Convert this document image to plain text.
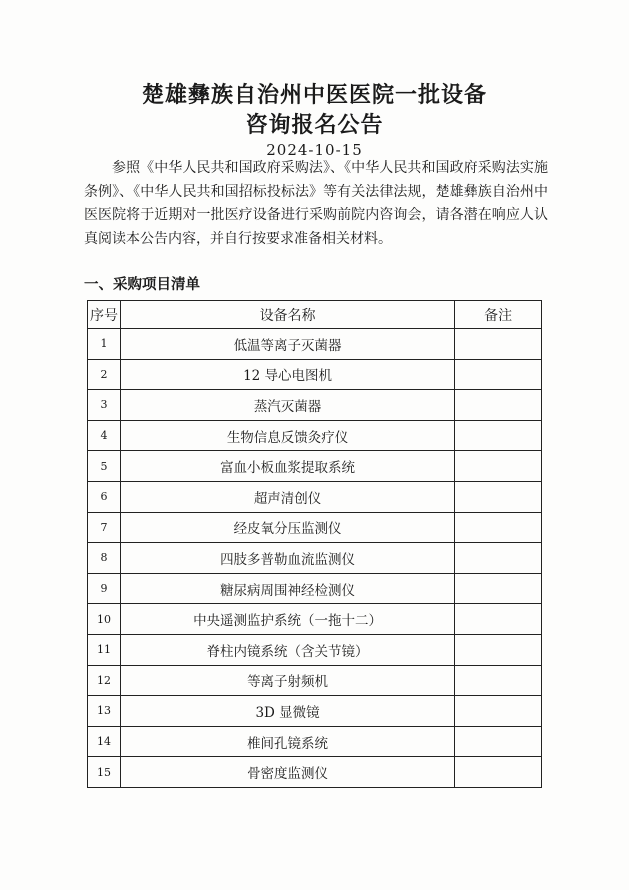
楚雄彝族自治州中医医院一批设备
咨询报名公告
2024-10-15
参照《中华人民共和国政府采购法》、《中华人民共和国政府采购法实施条例》、《中华人民共和国招标投标法》等有关法律法规，楚雄彝族自治州中医医院将于近期对一批医疗设备进行采购前院内咨询会，请各潜在响应人认真阅读本公告内容，并自行按要求准备相关材料。
一、采购项目清单
序号	设备名称	备注
1	低温等离子灭菌器	
2	12 导心电图机	
3	蒸汽灭菌器	
4	生物信息反馈灸疗仪	
5	富血小板血浆提取系统	
6	超声清创仪	
7	经皮氧分压监测仪	
8	四肢多普勒血流监测仪	
9	糖尿病周围神经检测仪	
10	中央遥测监护系统（一拖十二）	
11	脊柱内镜系统（含关节镜）	
12	等离子射频机	
13	3D 显微镜	
14	椎间孔镜系统	
15	骨密度监测仪	
